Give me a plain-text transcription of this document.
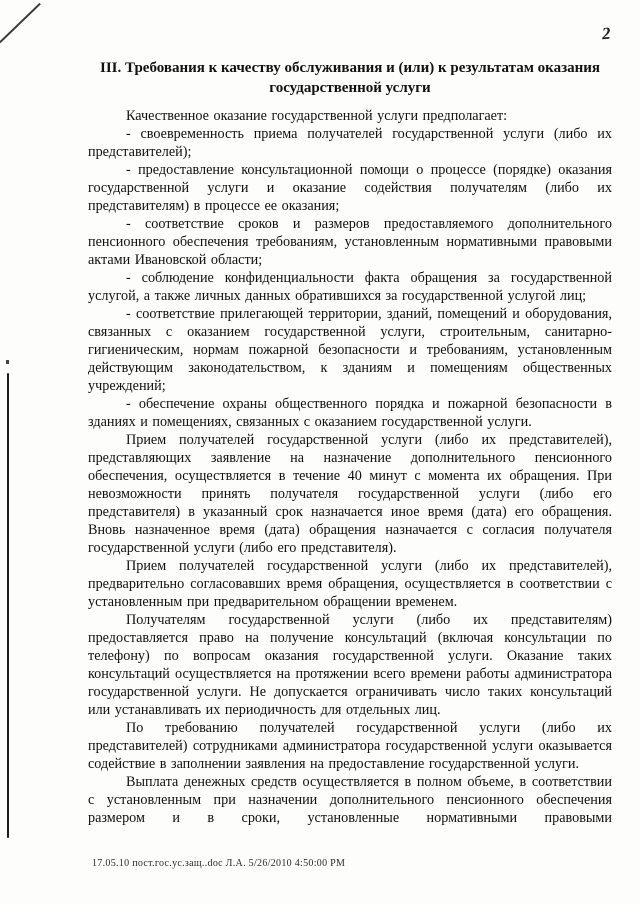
2
III. Требования к качеству обслуживания и (или) к результатам оказания государственной услуги

Качественное оказание государственной услуги предполагает:

- своевременность приема получателей государственной услуги (либо их представителей);

- предоставление консультационной помощи о процессе (порядке) оказания государственной услуги и оказание содействия получателям (либо их представителям) в процессе ее оказания;

- соответствие сроков и размеров предоставляемого дополнительного пенсионного обеспечения требованиям, установленным нормативными правовыми актами Ивановской области;

- соблюдение конфиденциальности факта обращения за государственной услугой, а также личных данных обратившихся за государственной услугой лиц;

- соответствие прилегающей территории, зданий, помещений и оборудования, связанных с оказанием государственной услуги, строительным, санитарно-гигиеническим, нормам пожарной безопасности и требованиям, установленным действующим законодательством, к зданиям и помещениям общественных учреждений;

- обеспечение охраны общественного порядка и пожарной безопасности в зданиях и помещениях, связанных с оказанием государственной услуги.

Прием получателей государственной услуги (либо их представителей), представляющих заявление на назначение дополнительного пенсионного обеспечения, осуществляется в течение 40 минут с момента их обращения. При невозможности принять получателя государственной услуги (либо его представителя) в указанный срок назначается иное время (дата) его обращения. Вновь назначенное время (дата) обращения назначается с согласия получателя государственной услуги (либо его представителя).

Прием получателей государственной услуги (либо их представителей), предварительно согласовавших время обращения, осуществляется в соответствии с установленным при предварительном обращении временем.

Получателям государственной услуги (либо их представителям) предоставляется право на получение консультаций (включая консультации по телефону) по вопросам оказания государственной услуги. Оказание таких консультаций осуществляется на протяжении всего времени работы администратора государственной услуги. Не допускается ограничивать число таких консультаций или устанавливать их периодичность для отдельных лиц.

По требованию получателей государственной услуги (либо их представителей) сотрудниками администратора государственной услуги оказывается содействие в заполнении заявления на предоставление государственной услуги.

Выплата денежных средств осуществляется в полном объеме, в соответствии с установленным при назначении дополнительного пенсионного обеспечения размером и в сроки, установленные нормативными правовыми

17.05.10 пост.гос.ус.защ..doc Л.А. 5/26/2010 4:50:00 PM
